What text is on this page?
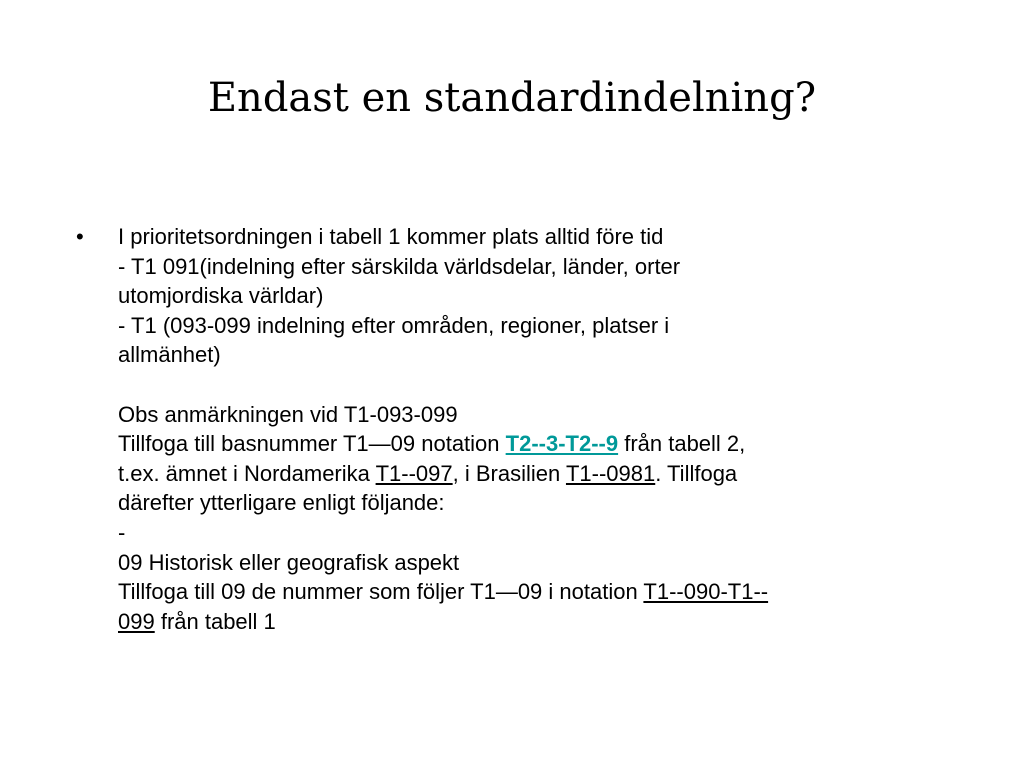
Endast en standardindelning?
•	I prioritetsordningen i tabell 1 kommer plats alltid före tid
- T1 091(indelning efter särskilda världsdelar, länder, orter
utomjordiska världar)
- T1 (093-099 indelning efter områden, regioner, platser i
allmänhet)
Obs anmärkningen vid T1-093-099
Tillfoga till basnummer T1—09 notation T2--3-T2--9 från tabell 2,
t.ex. ämnet i Nordamerika T1--097, i Brasilien T1--0981. Tillfoga
därefter ytterligare enligt följande:
-
09 Historisk eller geografisk aspekt
Tillfoga till 09 de nummer som följer T1—09 i notation T1--090-T1--
099 från tabell 1
